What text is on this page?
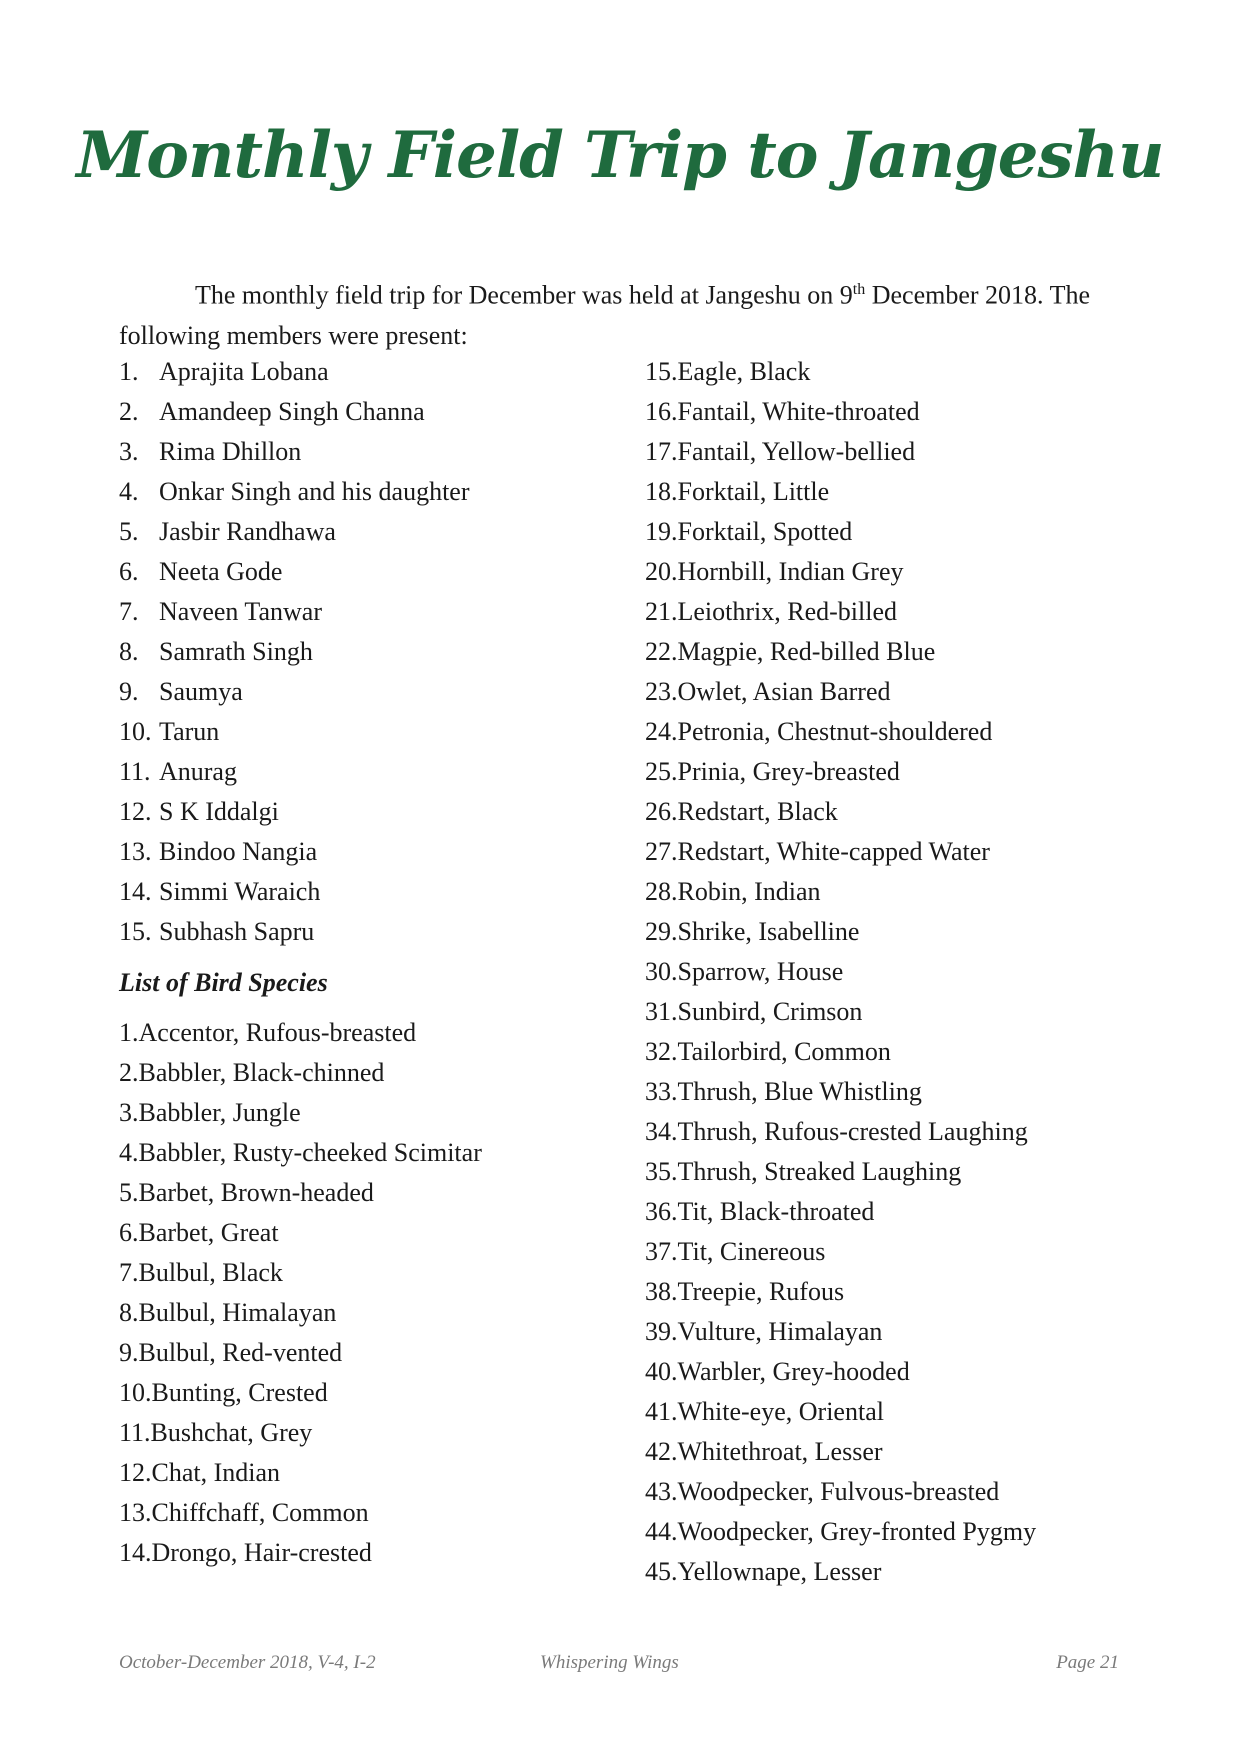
Monthly Field Trip to Jangeshu
The monthly field trip for December was held at Jangeshu on 9th December 2018. The following members were present:
1. Aprajita Lobana
2. Amandeep Singh Channa
3. Rima Dhillon
4. Onkar Singh and his daughter
5. Jasbir Randhawa
6. Neeta Gode
7. Naveen Tanwar
8. Samrath Singh
9. Saumya
10. Tarun
11. Anurag
12. S K Iddalgi
13. Bindoo Nangia
14. Simmi Waraich
15. Subhash Sapru
List of Bird Species
1.Accentor, Rufous-breasted
2.Babbler, Black-chinned
3.Babbler, Jungle
4.Babbler, Rusty-cheeked Scimitar
5.Barbet, Brown-headed
6.Barbet, Great
7.Bulbul, Black
8.Bulbul, Himalayan
9.Bulbul, Red-vented
10.Bunting, Crested
11.Bushchat, Grey
12.Chat, Indian
13.Chiffchaff, Common
14.Drongo, Hair-crested
15.Eagle, Black
16.Fantail, White-throated
17.Fantail, Yellow-bellied
18.Forktail, Little
19.Forktail, Spotted
20.Hornbill, Indian Grey
21.Leiothrix, Red-billed
22.Magpie, Red-billed Blue
23.Owlet, Asian Barred
24.Petronia, Chestnut-shouldered
25.Prinia, Grey-breasted
26.Redstart, Black
27.Redstart, White-capped Water
28.Robin, Indian
29.Shrike, Isabelline
30.Sparrow, House
31.Sunbird, Crimson
32.Tailorbird, Common
33.Thrush, Blue Whistling
34.Thrush, Rufous-crested Laughing
35.Thrush, Streaked Laughing
36.Tit, Black-throated
37.Tit, Cinereous
38.Treepie, Rufous
39.Vulture, Himalayan
40.Warbler, Grey-hooded
41.White-eye, Oriental
42.Whitethroat, Lesser
43.Woodpecker, Fulvous-breasted
44.Woodpecker, Grey-fronted Pygmy
45.Yellownape, Lesser
October-December 2018, V-4, I-2	Whispering Wings	Page 21
